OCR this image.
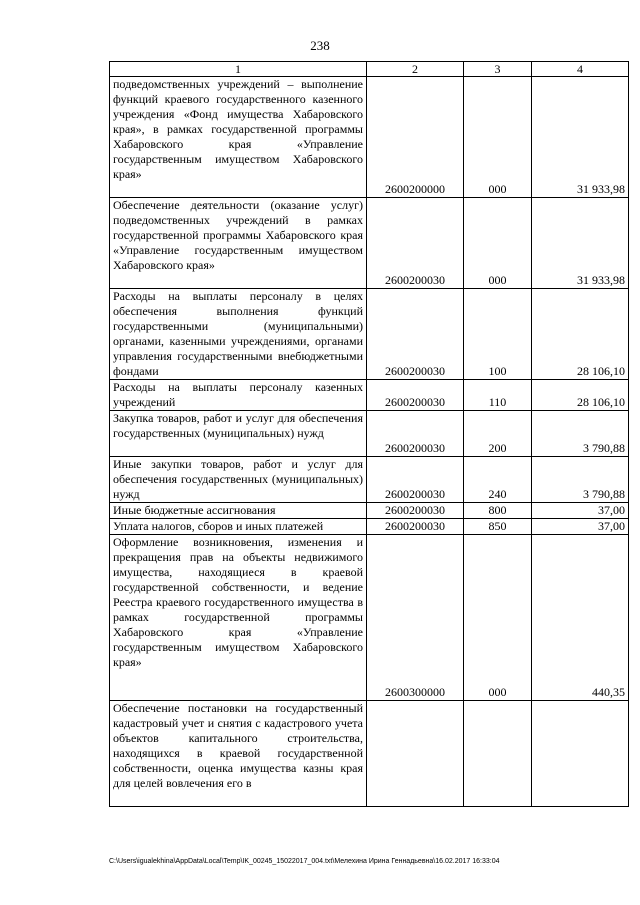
238
1	2	3	4

подведомственных учреждений – выполнение функций краевого государственного казенного учреждения «Фонд имущества Хабаровского края», в рамках государственной программы Хабаровского края «Управление государственным имуществом Хабаровского края»	2600200000	000	31 933,98

Обеспечение деятельности (оказание услуг) подведомственных учреждений в рамках государственной программы Хабаровского края «Управление государственным имуществом Хабаровского края»	2600200030	000	31 933,98

Расходы на выплаты персоналу в целях обеспечения выполнения функций государственными (муниципальными) органами, казенными учреждениями, органами управления государственными внебюджетными фондами	2600200030	100	28 106,10

Расходы на выплаты персоналу казенных учреждений	2600200030	110	28 106,10

Закупка товаров, работ и услуг для обеспечения государственных (муниципальных) нужд	2600200030	200	3 790,88

Иные закупки товаров, работ и услуг для обеспечения государственных (муниципальных) нужд	2600200030	240	3 790,88

Иные бюджетные ассигнования	2600200030	800	37,00

Уплата налогов, сборов и иных платежей	2600200030	850	37,00

Оформление возникновения, изменения и прекращения прав на объекты недвижимого имущества, находящиеся в краевой государственной собственности, и ведение Реестра краевого государственного имущества в рамках государственной программы Хабаровского края «Управление государственным имуществом Хабаровского края»	2600300000	000	440,35

Обеспечение постановки на государственный кадастровый учет и снятия с кадастрового учета объектов капитального строительства, находящихся в краевой государственной собственности, оценка имущества казны края для целей вовлечения его в			

C:\Users\igualekhina\AppData\Local\Temp\IK_00245_15022017_004.txt\Мелехина Ирина Геннадьевна\16.02.2017 16:33:04
